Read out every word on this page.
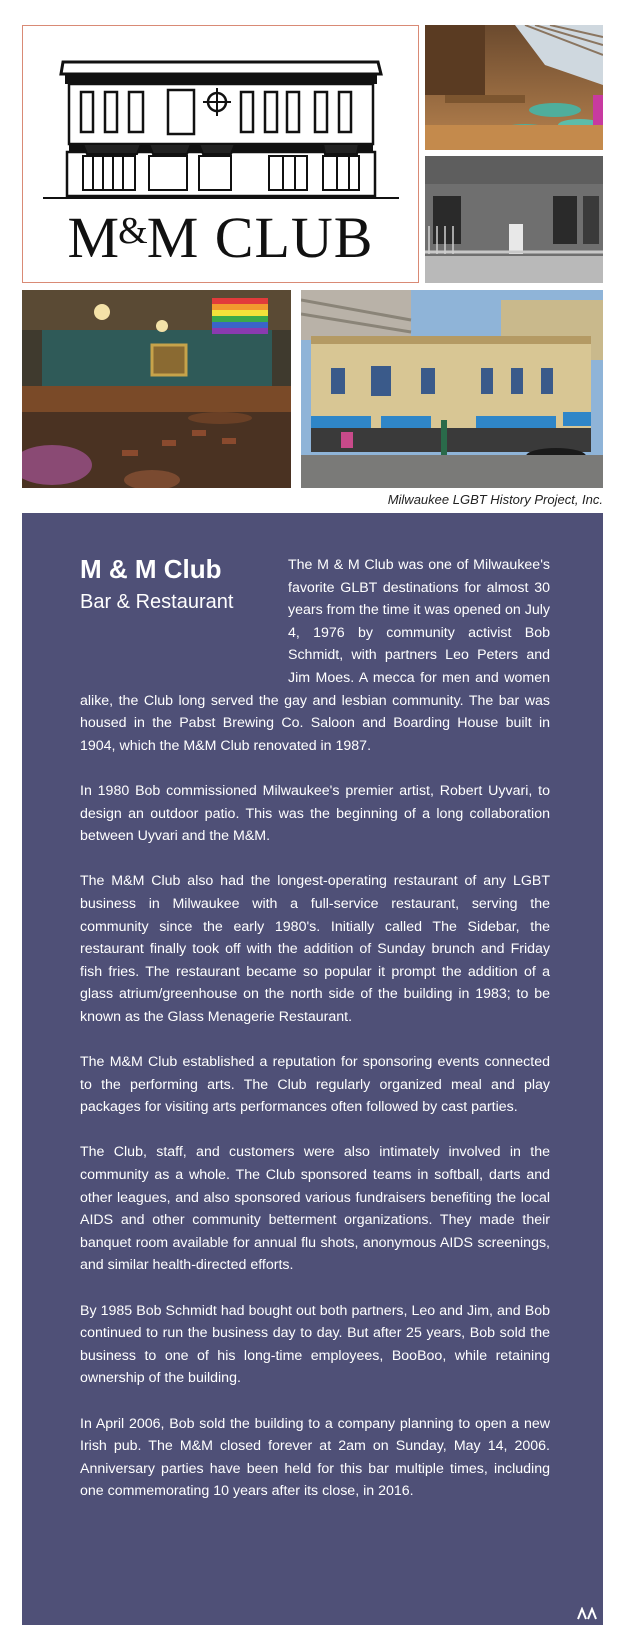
M&M CLUB
Milwaukee LGBT History Project, Inc.
M & M Club
Bar & Restaurant

The M & M Club was one of Milwaukee's favorite GLBT destinations for almost 30 years from the time it was opened on July 4, 1976 by community activist Bob Schmidt, with partners Leo Peters and Jim Moes. A mecca for men and women alike, the Club long served the gay and lesbian community. The bar was housed in the Pabst Brewing Co. Saloon and Boarding House built in 1904, which the M&M Club renovated in 1987.

In 1980 Bob commissioned Milwaukee's premier artist, Robert Uyvari, to design an outdoor patio. This was the beginning of a long collaboration between Uyvari and the M&M.

The M&M Club also had the longest-operating restaurant of any LGBT business in Milwaukee with a full-service restaurant, serving the community since the early 1980's. Initially called The Sidebar, the restaurant finally took off with the addition of Sunday brunch and Friday fish fries. The restaurant became so popular it prompt the addition of a glass atrium/greenhouse on the north side of the building in 1983; to be known as the Glass Menagerie Restaurant.

The M&M Club established a reputation for sponsoring events connected to the performing arts. The Club regularly organized meal and play packages for visiting arts performances often followed by cast parties.

The Club, staff, and customers were also intimately involved in the community as a whole. The Club sponsored teams in softball, darts and other leagues, and also sponsored various fundraisers benefiting the local AIDS and other community betterment organizations. They made their banquet room available for annual flu shots, anonymous AIDS screenings, and similar health-directed efforts.

By 1985 Bob Schmidt had bought out both partners, Leo and Jim, and Bob continued to run the business day to day. But after 25 years, Bob sold the business to one of his long-time employees, BooBoo, while retaining ownership of the building.

In April 2006, Bob sold the building to a company planning to open a new Irish pub. The M&M closed forever at 2am on Sunday, May 14, 2006. Anniversary parties have been held for this bar multiple times, including one commemorating 10 years after its close, in 2016.
